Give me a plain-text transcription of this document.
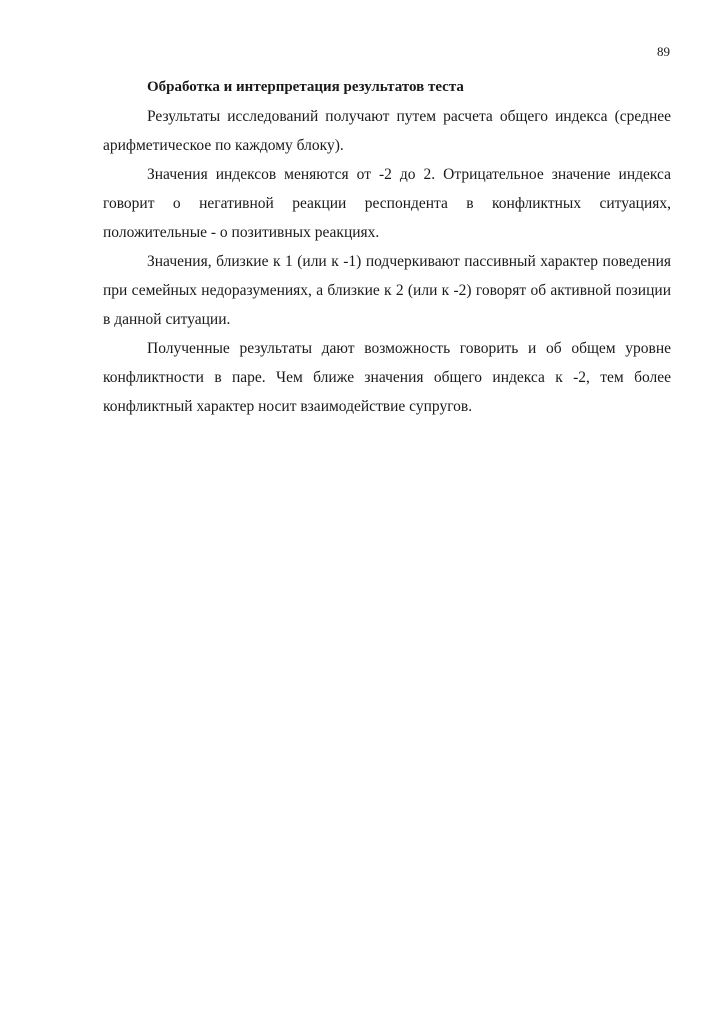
89

Обработка и интерпретация результатов теста

Результаты исследований получают путем расчета общего индекса (среднее арифметическое по каждому блоку).

Значения индексов меняются от -2 до 2. Отрицательное значение индекса говорит о негативной реакции респондента в конфликтных ситуациях, положительные - о позитивных реакциях.

Значения, близкие к 1 (или к -1) подчеркивают пассивный характер поведения при семейных недоразумениях, а близкие к 2 (или к -2) говорят об активной позиции в данной ситуации.

Полученные результаты дают возможность говорить и об общем уровне конфликтности в паре. Чем ближе значения общего индекса к -2, тем более конфликтный характер носит взаимодействие супругов.
